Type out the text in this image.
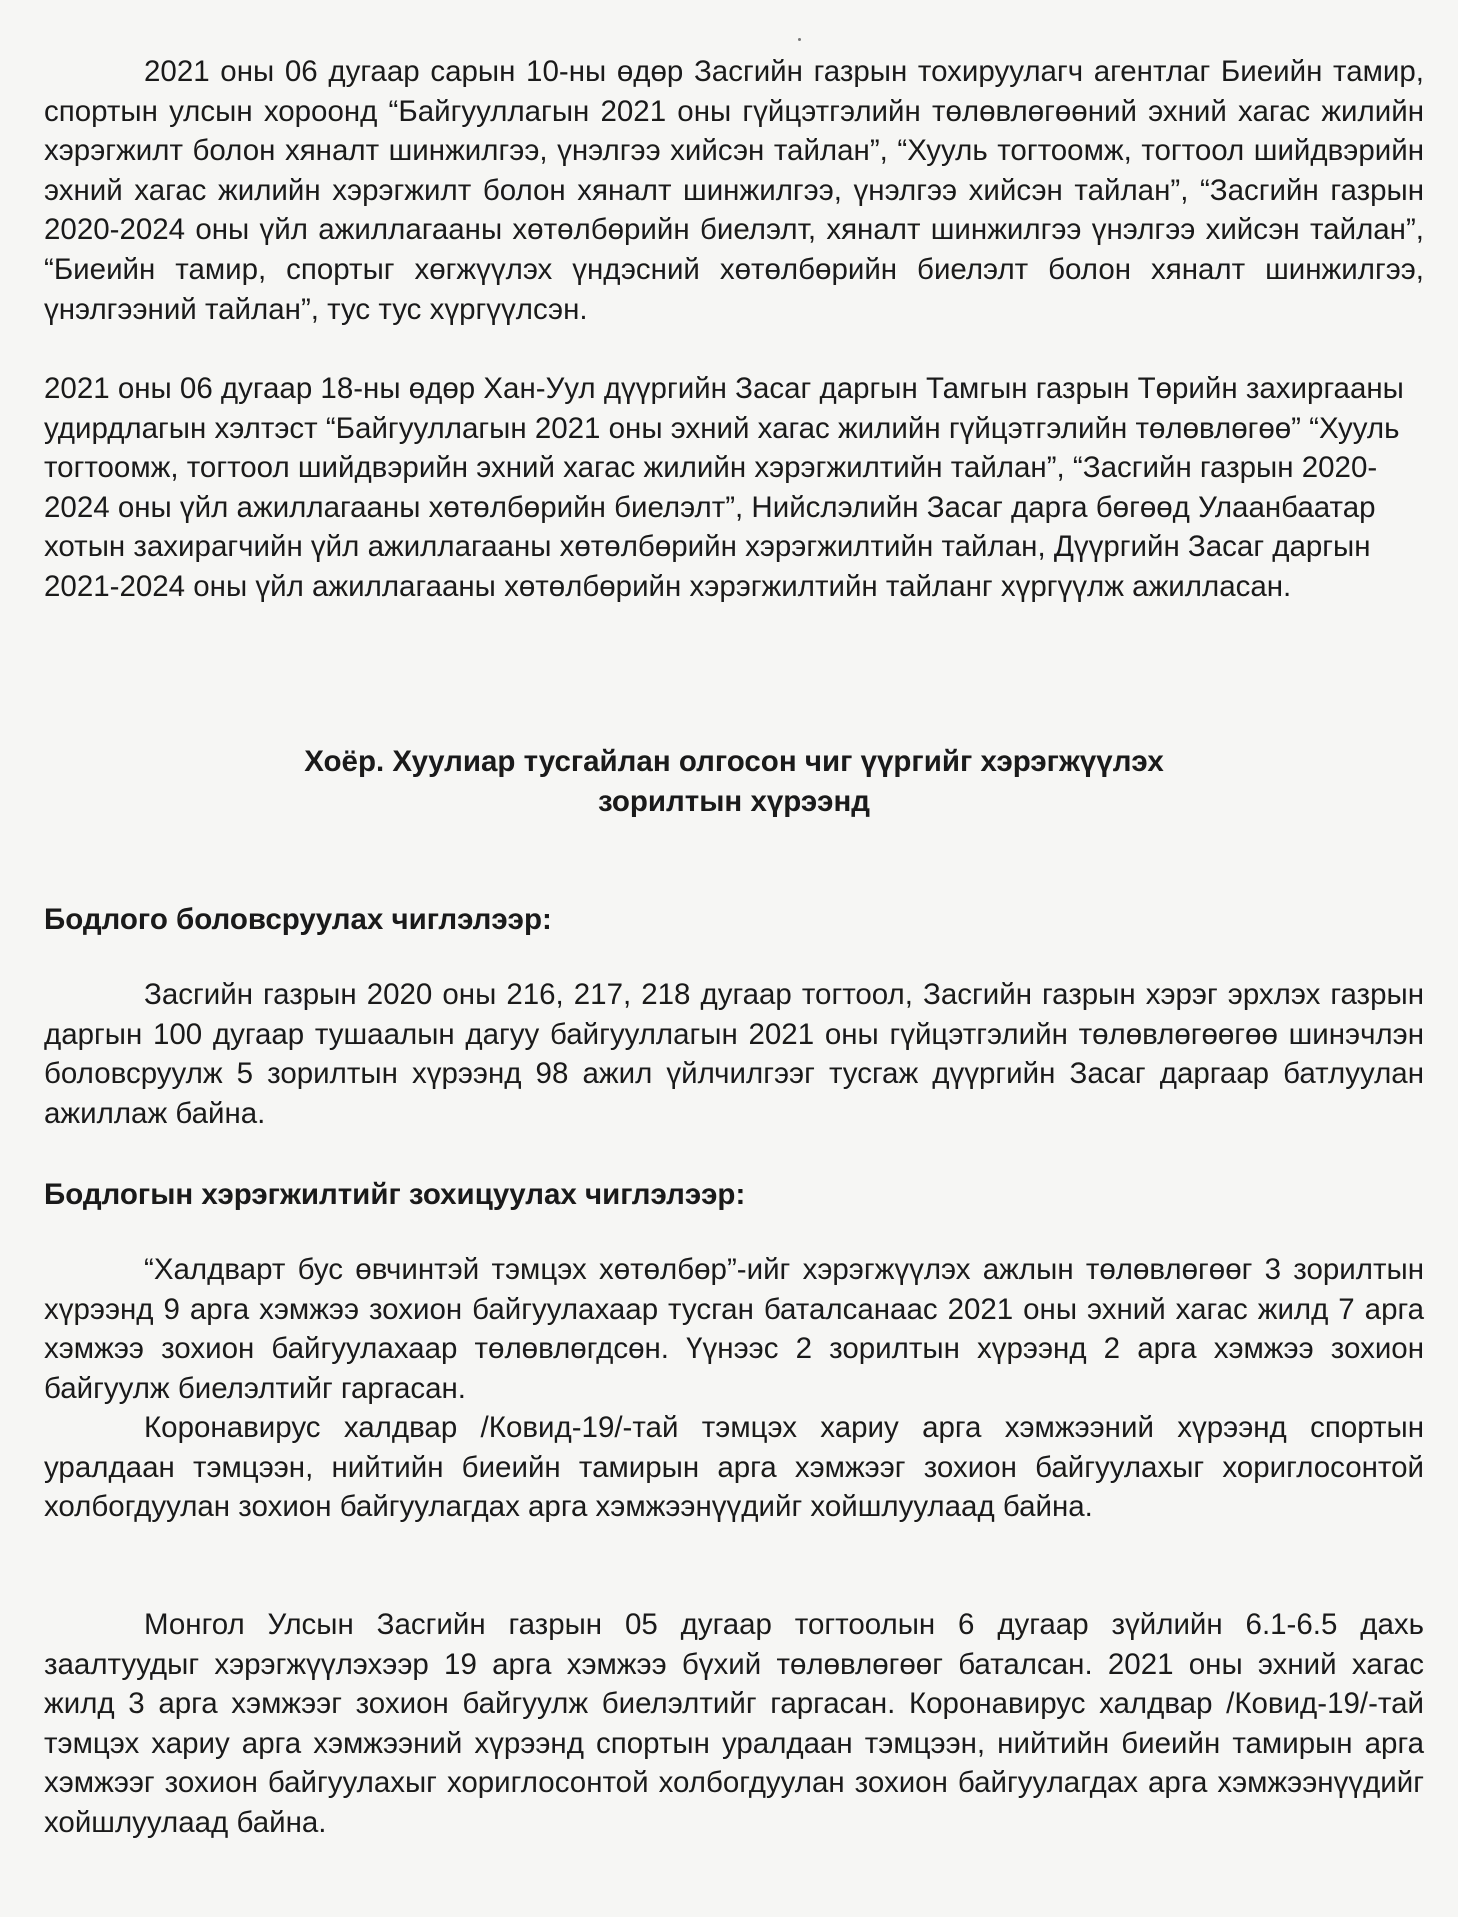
2021 оны 06 дугаар сарын 10-ны өдөр Засгийн газрын тохируулагч агентлаг Биеийн тамир, спортын улсын хороонд “Байгууллагын 2021 оны гүйцэтгэлийн төлөвлөгөөний эхний хагас жилийн хэрэгжилт болон хяналт шинжилгээ, үнэлгээ хийсэн тайлан”, “Хууль тогтоомж, тогтоол шийдвэрийн эхний хагас жилийн хэрэгжилт болон хяналт шинжилгээ, үнэлгээ хийсэн тайлан”, “Засгийн газрын 2020-2024 оны үйл ажиллагааны хөтөлбөрийн биелэлт, хяналт шинжилгээ үнэлгээ хийсэн тайлан”, “Биеийн тамир, спортыг хөгжүүлэх үндэсний хөтөлбөрийн биелэлт болон хяналт шинжилгээ, үнэлгээний тайлан”, тус тус хүргүүлсэн.

2021 оны 06 дугаар 18-ны өдөр Хан-Уул дүүргийн Засаг даргын Тамгын газрын Төрийн захиргааны удирдлагын хэлтэст “Байгууллагын 2021 оны эхний хагас жилийн гүйцэтгэлийн төлөвлөгөө” “Хууль тогтоомж, тогтоол шийдвэрийн эхний хагас жилийн хэрэгжилтийн тайлан”, “Засгийн газрын 2020-2024 оны үйл ажиллагааны хөтөлбөрийн биелэлт”, Нийслэлийн Засаг дарга бөгөөд Улаанбаатар хотын захирагчийн үйл ажиллагааны хөтөлбөрийн хэрэгжилтийн тайлан, Дүүргийн Засаг даргын 2021-2024 оны үйл ажиллагааны хөтөлбөрийн хэрэгжилтийн тайланг хүргүүлж ажилласан.

Хоёр. Хуулиар тусгайлан олгосон чиг үүргийг хэрэгжүүлэх

зорилтын хүрээнд

Бодлого боловсруулах чиглэлээр:

Засгийн газрын 2020 оны 216, 217, 218 дугаар тогтоол, Засгийн газрын хэрэг эрхлэх газрын даргын 100 дугаар тушаалын дагуу байгууллагын 2021 оны гүйцэтгэлийн төлөвлөгөөгөө шинэчлэн боловсруулж 5 зорилтын хүрээнд 98 ажил үйлчилгээг тусгаж дүүргийн Засаг даргаар батлуулан ажиллаж байна.

Бодлогын хэрэгжилтийг зохицуулах чиглэлээр:

“Халдварт бус өвчинтэй тэмцэх хөтөлбөр”-ийг хэрэгжүүлэх ажлын төлөвлөгөөг 3 зорилтын хүрээнд 9 арга хэмжээ зохион байгуулахаар тусган баталсанаас 2021 оны эхний хагас жилд 7 арга хэмжээ зохион байгуулахаар төлөвлөгдсөн. Үүнээс 2 зорилтын хүрээнд 2 арга хэмжээ зохион байгуулж биелэлтийг гаргасан.

Коронавирус халдвар /Ковид-19/-тай тэмцэх хариу арга хэмжээний хүрээнд спортын уралдаан тэмцээн, нийтийн биеийн тамирын арга хэмжээг зохион байгуулахыг хориглосонтой холбогдуулан зохион байгуулагдах арга хэмжээнүүдийг хойшлуулаад байна.

Монгол Улсын Засгийн газрын 05 дугаар тогтоолын 6 дугаар зүйлийн 6.1-6.5 дахь заалтуудыг хэрэгжүүлэхээр 19 арга хэмжээ бүхий төлөвлөгөөг баталсан. 2021 оны эхний хагас жилд 3 арга хэмжээг зохион байгуулж биелэлтийг гаргасан. Коронавирус халдвар /Ковид-19/-тай тэмцэх хариу арга хэмжээний хүрээнд спортын уралдаан тэмцээн, нийтийн биеийн тамирын арга хэмжээг зохион байгуулахыг хориглосонтой холбогдуулан зохион байгуулагдах арга хэмжээнүүдийг хойшлуулаад байна.
